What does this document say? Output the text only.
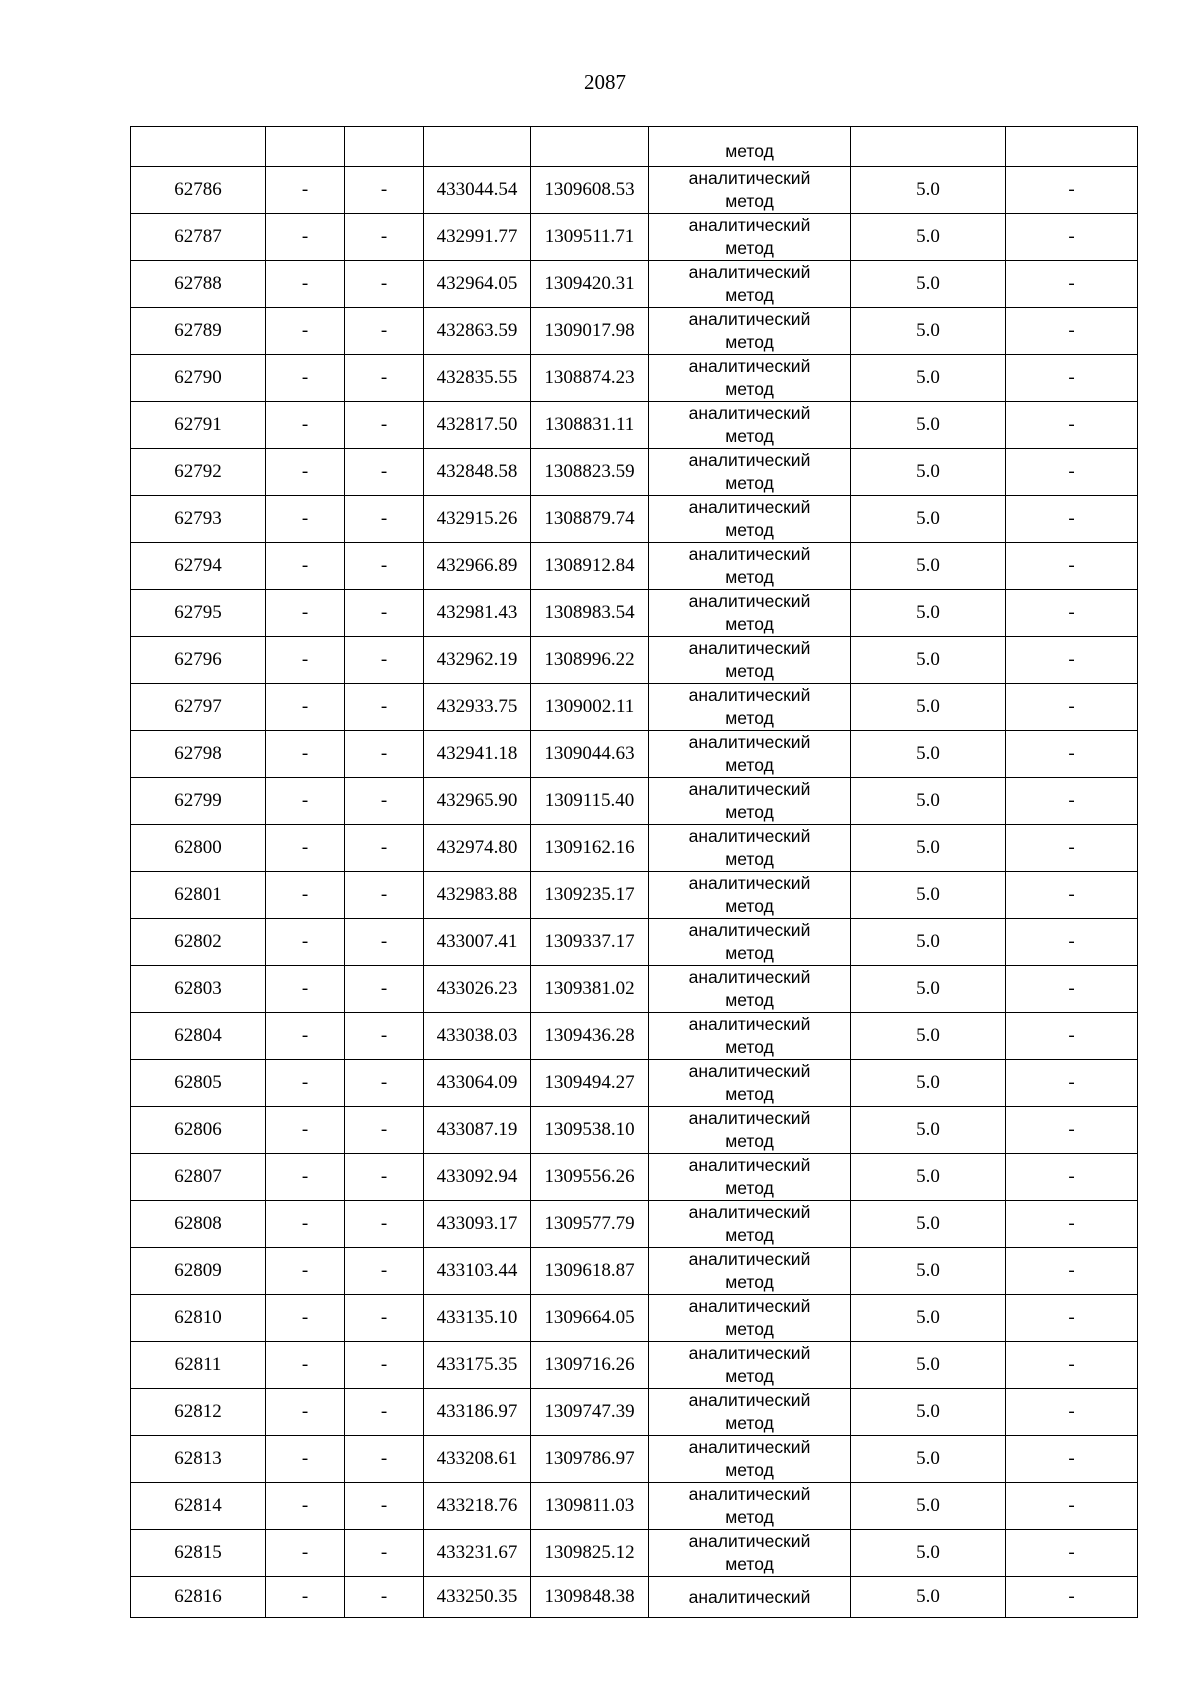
2087
					метод		
62786	-	-	433044.54	1309608.53	аналитический
метод	5.0	-
62787	-	-	432991.77	1309511.71	аналитический
метод	5.0	-
62788	-	-	432964.05	1309420.31	аналитический
метод	5.0	-
62789	-	-	432863.59	1309017.98	аналитический
метод	5.0	-
62790	-	-	432835.55	1308874.23	аналитический
метод	5.0	-
62791	-	-	432817.50	1308831.11	аналитический
метод	5.0	-
62792	-	-	432848.58	1308823.59	аналитический
метод	5.0	-
62793	-	-	432915.26	1308879.74	аналитический
метод	5.0	-
62794	-	-	432966.89	1308912.84	аналитический
метод	5.0	-
62795	-	-	432981.43	1308983.54	аналитический
метод	5.0	-
62796	-	-	432962.19	1308996.22	аналитический
метод	5.0	-
62797	-	-	432933.75	1309002.11	аналитический
метод	5.0	-
62798	-	-	432941.18	1309044.63	аналитический
метод	5.0	-
62799	-	-	432965.90	1309115.40	аналитический
метод	5.0	-
62800	-	-	432974.80	1309162.16	аналитический
метод	5.0	-
62801	-	-	432983.88	1309235.17	аналитический
метод	5.0	-
62802	-	-	433007.41	1309337.17	аналитический
метод	5.0	-
62803	-	-	433026.23	1309381.02	аналитический
метод	5.0	-
62804	-	-	433038.03	1309436.28	аналитический
метод	5.0	-
62805	-	-	433064.09	1309494.27	аналитический
метод	5.0	-
62806	-	-	433087.19	1309538.10	аналитический
метод	5.0	-
62807	-	-	433092.94	1309556.26	аналитический
метод	5.0	-
62808	-	-	433093.17	1309577.79	аналитический
метод	5.0	-
62809	-	-	433103.44	1309618.87	аналитический
метод	5.0	-
62810	-	-	433135.10	1309664.05	аналитический
метод	5.0	-
62811	-	-	433175.35	1309716.26	аналитический
метод	5.0	-
62812	-	-	433186.97	1309747.39	аналитический
метод	5.0	-
62813	-	-	433208.61	1309786.97	аналитический
метод	5.0	-
62814	-	-	433218.76	1309811.03	аналитический
метод	5.0	-
62815	-	-	433231.67	1309825.12	аналитический
метод	5.0	-
62816	-	-	433250.35	1309848.38	аналитический	5.0	-
